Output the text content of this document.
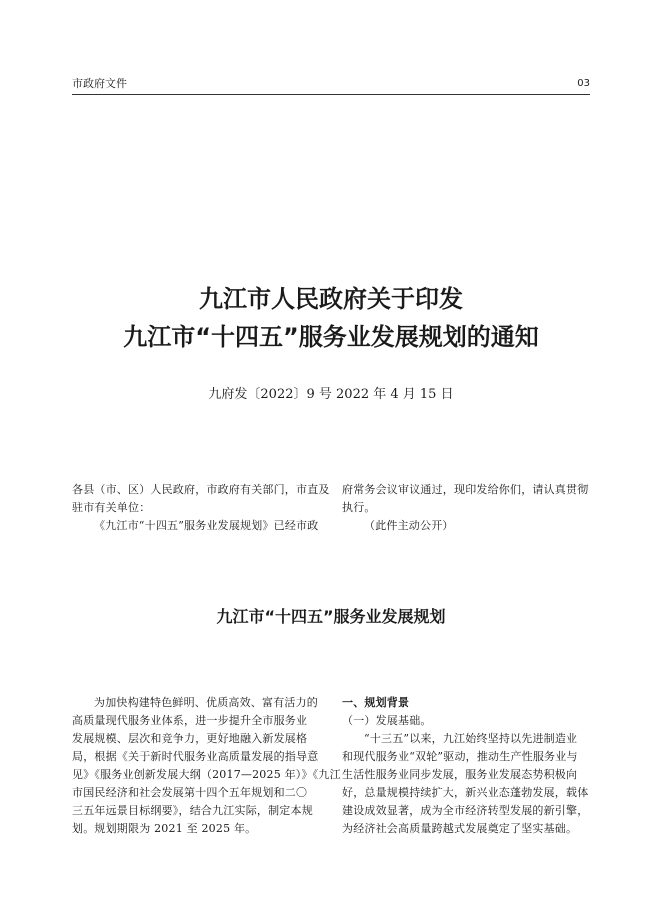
市政府文件	03
九江市人民政府关于印发
九江市“十四五”服务业发展规划的通知
九府发〔2022〕9 号 2022 年 4 月 15 日
各县（市、区）人民政府，市政府有关部门，市直及
驻市有关单位：
《九江市“十四五”服务业发展规划》已经市政
府常务会议审议通过，现印发给你们，请认真贯彻
执行。
（此件主动公开）
九江市“十四五”服务业发展规划
为加快构建特色鲜明、优质高效、富有活力的
高质量现代服务业体系，进一步提升全市服务业
发展规模、层次和竞争力，更好地融入新发展格
局，根据《关于新时代服务业高质量发展的指导意
见》《服务业创新发展大纲（2017—2025 年）》《九江
市国民经济和社会发展第十四个五年规划和二〇
三五年远景目标纲要》，结合九江实际，制定本规
划。规划期限为 2021 至 2025 年。
一、规划背景
（一）发展基础。
“十三五”以来，九江始终坚持以先进制造业
和现代服务业“双轮”驱动，推动生产性服务业与
生活性服务业同步发展，服务业发展态势积极向
好，总量规模持续扩大，新兴业态蓬勃发展，载体
建设成效显著，成为全市经济转型发展的新引擎，
为经济社会高质量跨越式发展奠定了坚实基础。
